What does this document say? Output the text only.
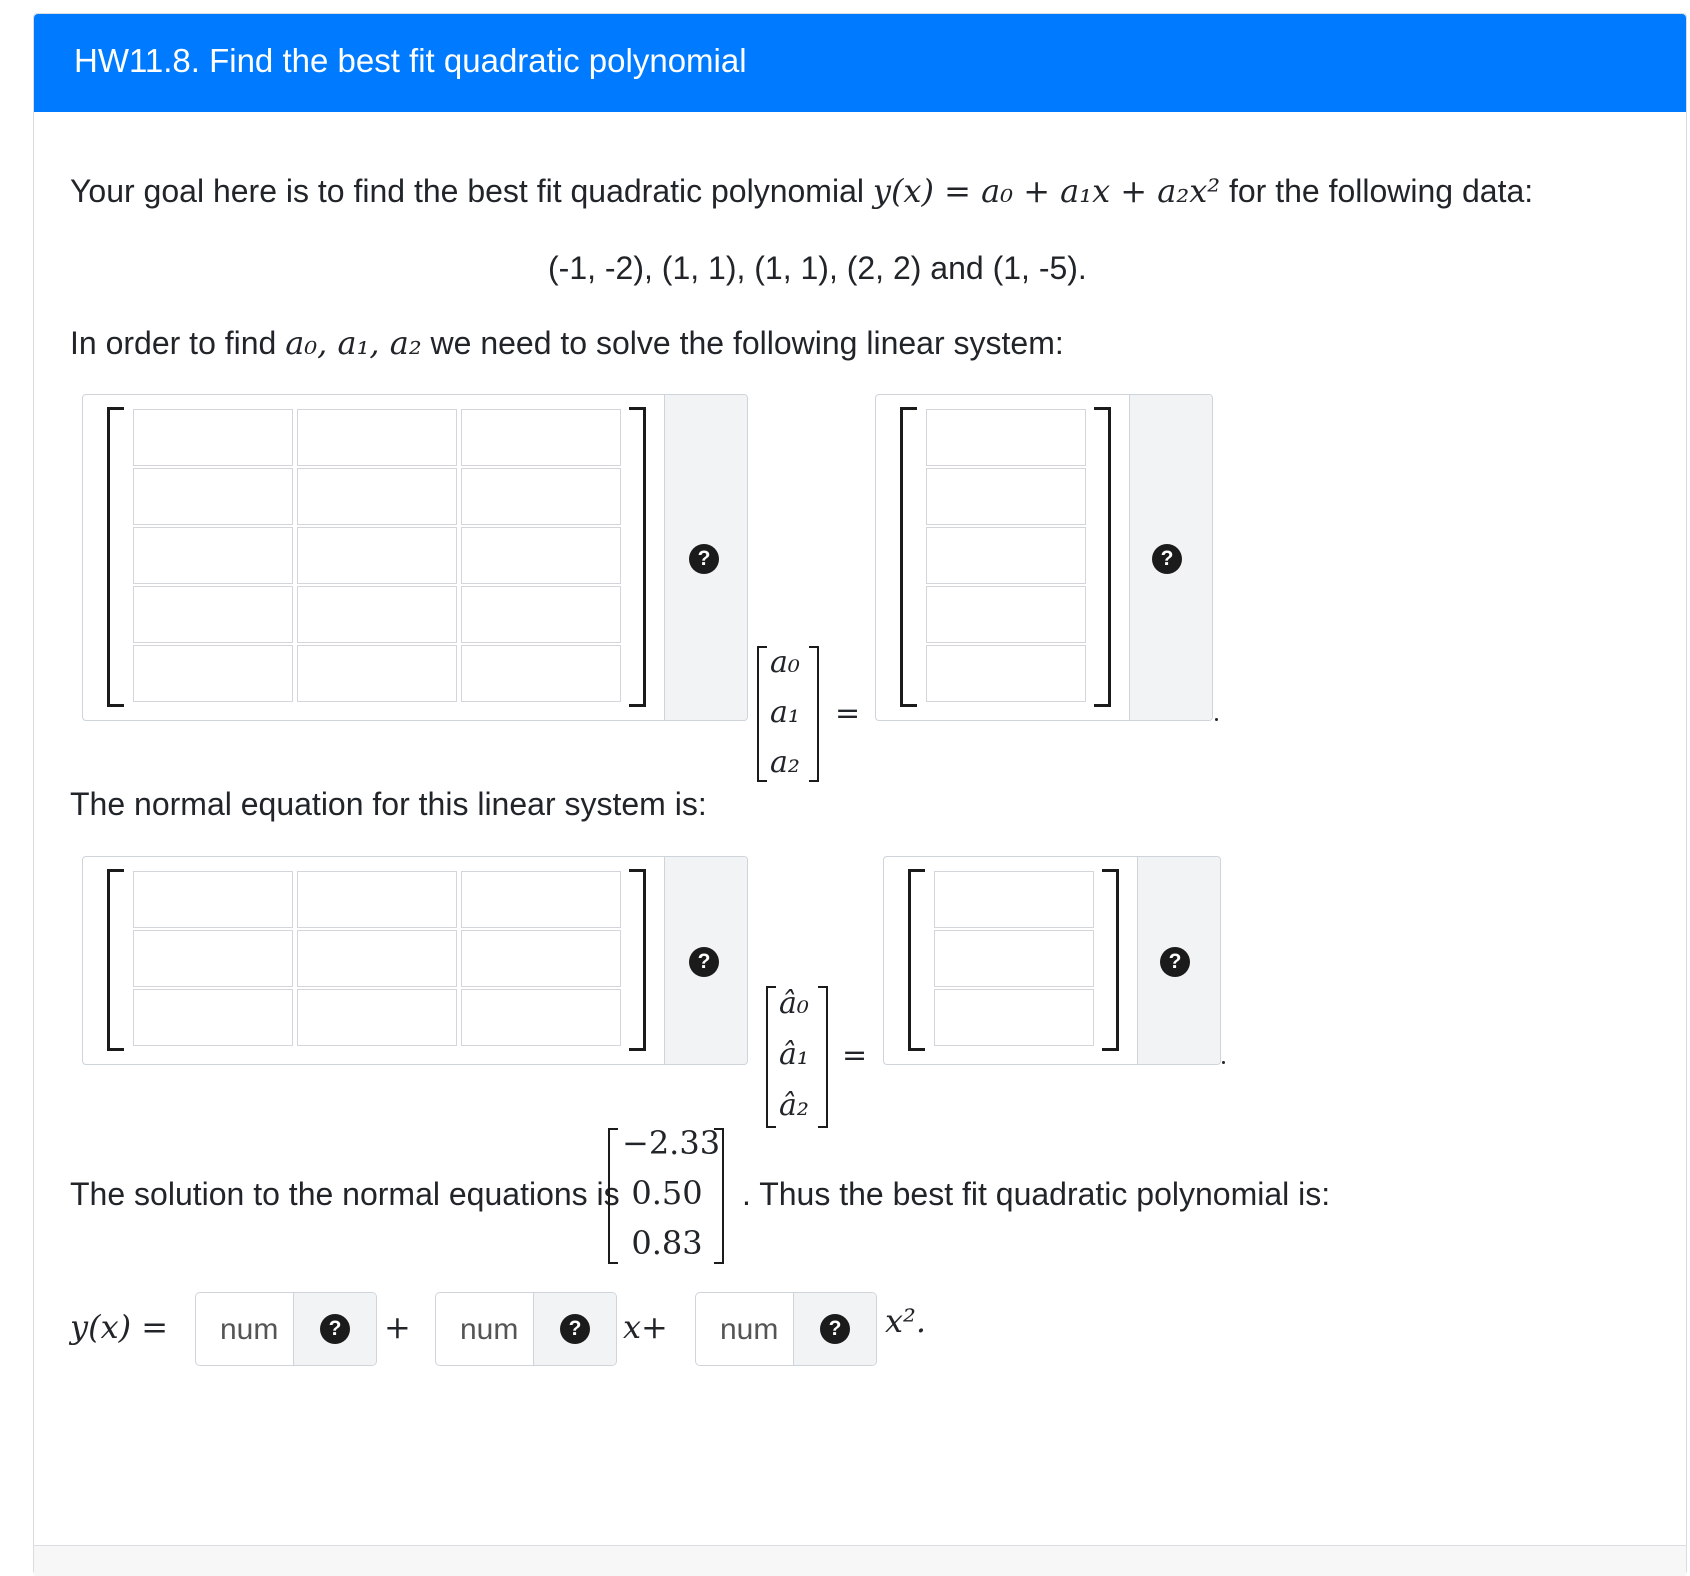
HW11.8. Find the best fit quadratic polynomial
Your goal here is to find the best fit quadratic polynomial y(x) = a₀ + a₁x + a₂x² for the following data:
(-1, -2), (1, 1), (1, 1), (2, 2) and (1, -5).
In order to find a₀, a₁, a₂ we need to solve the following linear system:
?
a₀
a₁
a₂
=
?
The normal equation for this linear system is:
?
â₀
â₁
â₂
=
?
The solution to the normal equations is
−2.33
0.50
0.83
. Thus the best fit quadratic polynomial is:
y(x) = num	? + num	? x+ num	? x².
